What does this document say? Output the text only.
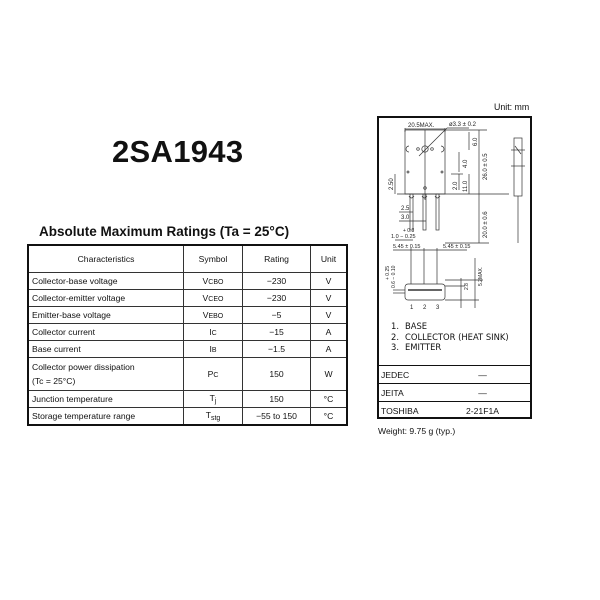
2SA1943
Absolute Maximum Ratings (Ta = 25°C)
Characteristics	Symbol	Rating	Unit
Collector-base voltage	VCBO	−230	V
Collector-emitter voltage	VCEO	−230	V
Emitter-base voltage	VEBO	−5	V
Collector current	IC	−15	A
Base current	IB	−1.5	A

Collector power dissipation
(Tc = 25°C)	PC	150	W
Junction temperature	$T_j$	150	°C
Storage temperature range	$T_{stg}$	−55 to 150	°C
Unit: mm
20.5MAX. ø3.3 ± 0.2
6.0
4.0
2.0 11.0
26.0 ± 0.5
20.0 ± 0.6
2.50
2.5
3.0
+ 0.3
1.0 − 0.25
5.45 ± 0.15	5.45 ± 0.15
+ 0.25 0.6 − 0.10	2.8
5.2MAX.
1 2 3
1. BASE
2. COLLECTOR (HEAT SINK)
3. EMITTER
JEDEC	—
JEITA	—
TOSHIBA	2-21F1A
Weight: 9.75 g (typ.)
